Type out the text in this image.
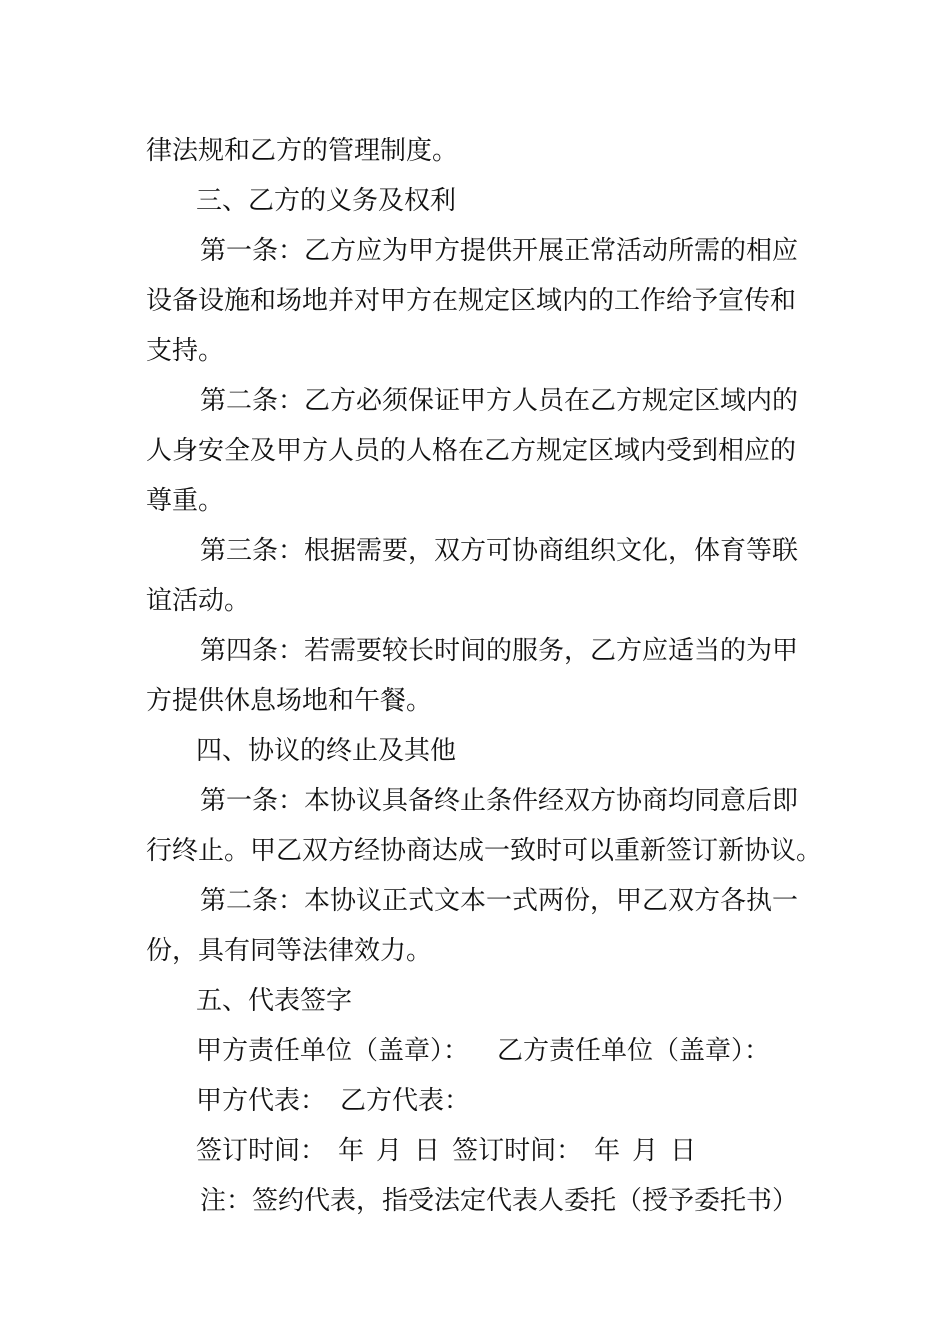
律法规和乙方的管理制度。
三、乙方的义务及权利
第一条：乙方应为甲方提供开展正常活动所需的相应
设备设施和场地并对甲方在规定区域内的工作给予宣传和
支持。
第二条：乙方必须保证甲方人员在乙方规定区域内的
人身安全及甲方人员的人格在乙方规定区域内受到相应的
尊重。
第三条：根据需要，双方可协商组织文化，体育等联
谊活动。
第四条：若需要较长时间的服务，乙方应适当的为甲
方提供休息场地和午餐。
四、协议的终止及其他
第一条：本协议具备终止条件经双方协商均同意后即
行终止。甲乙双方经协商达成一致时可以重新签订新协议。
第二条：本协议正式文本一式两份，甲乙双方各执一
份，具有同等法律效力。
五、代表签字
甲方责任单位（盖章）： 乙方责任单位（盖章）：
甲方代表： 乙方代表：
签订时间： 年 月 日 签订时间： 年 月 日
注：签约代表，指受法定代表人委托（授予委托书）
